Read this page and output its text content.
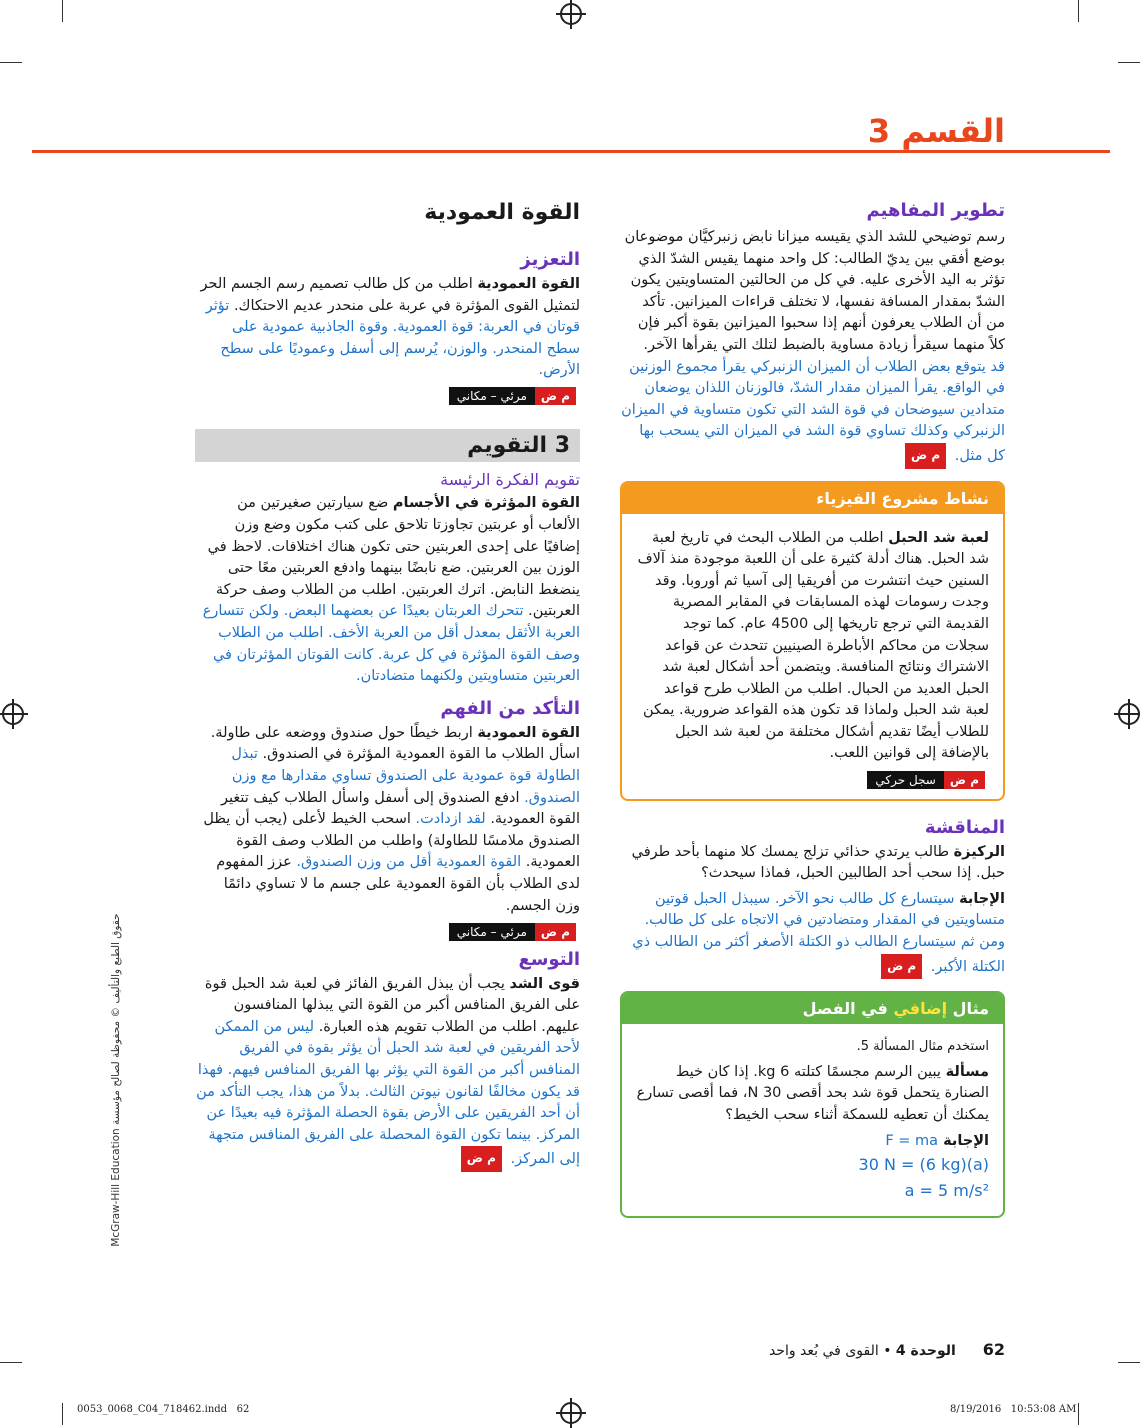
القسم 3

تطوير المفاهيم

رسم توضيحي للشد الذي يقيسه ميزانا نابض زنبركيَّان موضوعان بوضع أفقي بين يديّ الطالب: كل واحد منهما يقيس الشدّ الذي تؤثر به اليد الأخرى عليه. في كل من الحالتين المتساويتين يكون الشدّ بمقدار المسافة نفسها، لا تختلف قراءات الميزانين. تأكد من أن الطلاب يعرفون أنهم إذا سحبوا الميزانين بقوة أكبر فإن كلاً منهما سيقرأ زيادة مساوية بالضبط لتلك التي يقرأها الآخر.

قد يتوقع بعض الطلاب أن الميزان الزنبركي يقرأ مجموع الوزنين في الواقع. يقرأ الميزان مقدار الشدّ، فالوزنان اللذان يوضعان متدادين سيوضحان في قوة الشد التي تكون متساوية في الميزان الزنبركي وكذلك تساوي قوة الشد في الميزان التي يسحب بها كل مثل. م ض

نشاط مشروع الفيزياء

لعبة شد الحبل اطلب من الطلاب البحث في تاريخ لعبة شد الحبل. هناك أدلة كثيرة على أن اللعبة موجودة منذ آلاف السنين حيث انتشرت من أفريقيا إلى آسيا ثم أوروبا. وقد وجدت رسومات لهذه المسابقات في المقابر المصرية القديمة التي ترجع تاريخها إلى 4500 عام. كما توجد سجلات من محاكم الأباطرة الصينيين تتحدث عن قواعد الاشتراك ونتائج المنافسة. ويتضمن أحد أشكال لعبة شد الحبل العديد من الحبال. اطلب من الطلاب طرح قواعد لعبة شد الحبل ولماذا قد تكون هذه القواعد ضرورية. يمكن للطلاب أيضًا تقديم أشكال مختلفة من لعبة شد الحبل بالإضافة إلى قوانين اللعب.

م ضسجل حركي

المناقشة

الركيزة طالب يرتدي حذائي تزلج يمسك كلا منهما بأحد طرفي حبل. إذا سحب أحد الطالبين الحبل، فماذا سيحدث؟

الإجابة سيتسارع كل طالب نحو الآخر. سيبذل الحبل قوتين متساويتين في المقدار ومتضادتين في الاتجاه على كل طالب. ومن ثم سيتسارع الطالب ذو الكتلة الأصغر أكثر من الطالب ذي الكتلة الأكبر. م ض

مثال إضافي في الفصل

استخدم مثال المسألة 5.

مسألة يبين الرسم مجسمًا كتلته 6 kg. إذا كان خيط الصنارة يتحمل قوة شد بحد أقصى 30 N، فما أقصى تسارع يمكنك أن تعطيه للسمكة أثناء سحب الخيط؟

الإجابة F = ma

30 N = (6 kg)(a)

a = 5 m/s²

القوة العمودية

التعزيز

القوة العمودية اطلب من كل طالب تصميم رسم الجسم الحر لتمثيل القوى المؤثرة في عربة على منحدر عديم الاحتكاك. تؤثر قوتان في العربة: قوة العمودية. وقوة الجاذبية عمودية على سطح المنحدر. والوزن، يُرسم إلى أسفل وعموديًا على سطح الأرض.

م ضمرئي – مكاني
3 التقويم

تقويم الفكرة الرئيسة

القوة المؤثرة في الأجسام ضع سيارتين صغيرتين من الألعاب أو عربتين تجاوزتا تلاحق على كتب مكون وضع وزن إضافيًا على إحدى العربتين حتى تكون هناك اختلافات. لاحظ في الوزن بين العربتين. ضع نابضًا بينهما وادفع العربتين معًا حتى ينضغط النابض. اترك العربتين. اطلب من الطلاب وصف حركة العربتين. تتحرك العربتان بعيدًا عن بعضهما البعض. ولكن تتسارع العربة الأثقل بمعدل أقل من العربة الأخف. اطلب من الطلاب وصف القوة المؤثرة في كل عربة. كانت القوتان المؤثرتان في العربتين متساويتين ولكنهما متضادتان.

التأكد من الفهم

القوة العمودية اربط خيطًا حول صندوق ووضعه على طاولة. اسأل الطلاب ما القوة العمودية المؤثرة في الصندوق. تبذل الطاولة قوة عمودية على الصندوق تساوي مقدارها مع وزن الصندوق. ادفع الصندوق إلى أسفل واسأل الطلاب كيف تتغير القوة العمودية. لقد ازدادت. اسحب الخيط لأعلى (يجب أن يظل الصندوق ملامسًا للطاولة) واطلب من الطلاب وصف القوة العمودية. القوة العمودية أقل من وزن الصندوق. عزز المفهوم لدى الطلاب بأن القوة العمودية على جسم ما لا تساوي دائمًا وزن الجسم.

م ضمرئي – مكاني

التوسع

قوى الشد يجب أن يبذل الفريق الفائز في لعبة شد الحبل قوة على الفريق المنافس أكبر من القوة التي يبذلها المنافسون عليهم. اطلب من الطلاب تقويم هذه العبارة. ليس من الممكن لأحد الفريقين في لعبة شد الحبل أن يؤثر بقوة في الفريق المنافس أكبر من القوة التي يؤثر بها الفريق المنافس فيهم. فهذا قد يكون مخالفًا لقانون نيوتن الثالث. بدلاً من هذا، يجب التأكد من أن أحد الفريقين على الأرض بقوة الحصلة المؤثرة فيه بعيدًا عن المركز. بينما تكون القوة المحصلة على الفريق المنافس متجهة إلى المركز. م ض

حقوق الطبع والتأليف © محفوظة لصالح مؤسسة McGraw-Hill Education
62  الوحدة 4 • القوى في بُعد واحد
0053_0068_C04_718462.indd   62	8/19/2016   10:53:08 AM
